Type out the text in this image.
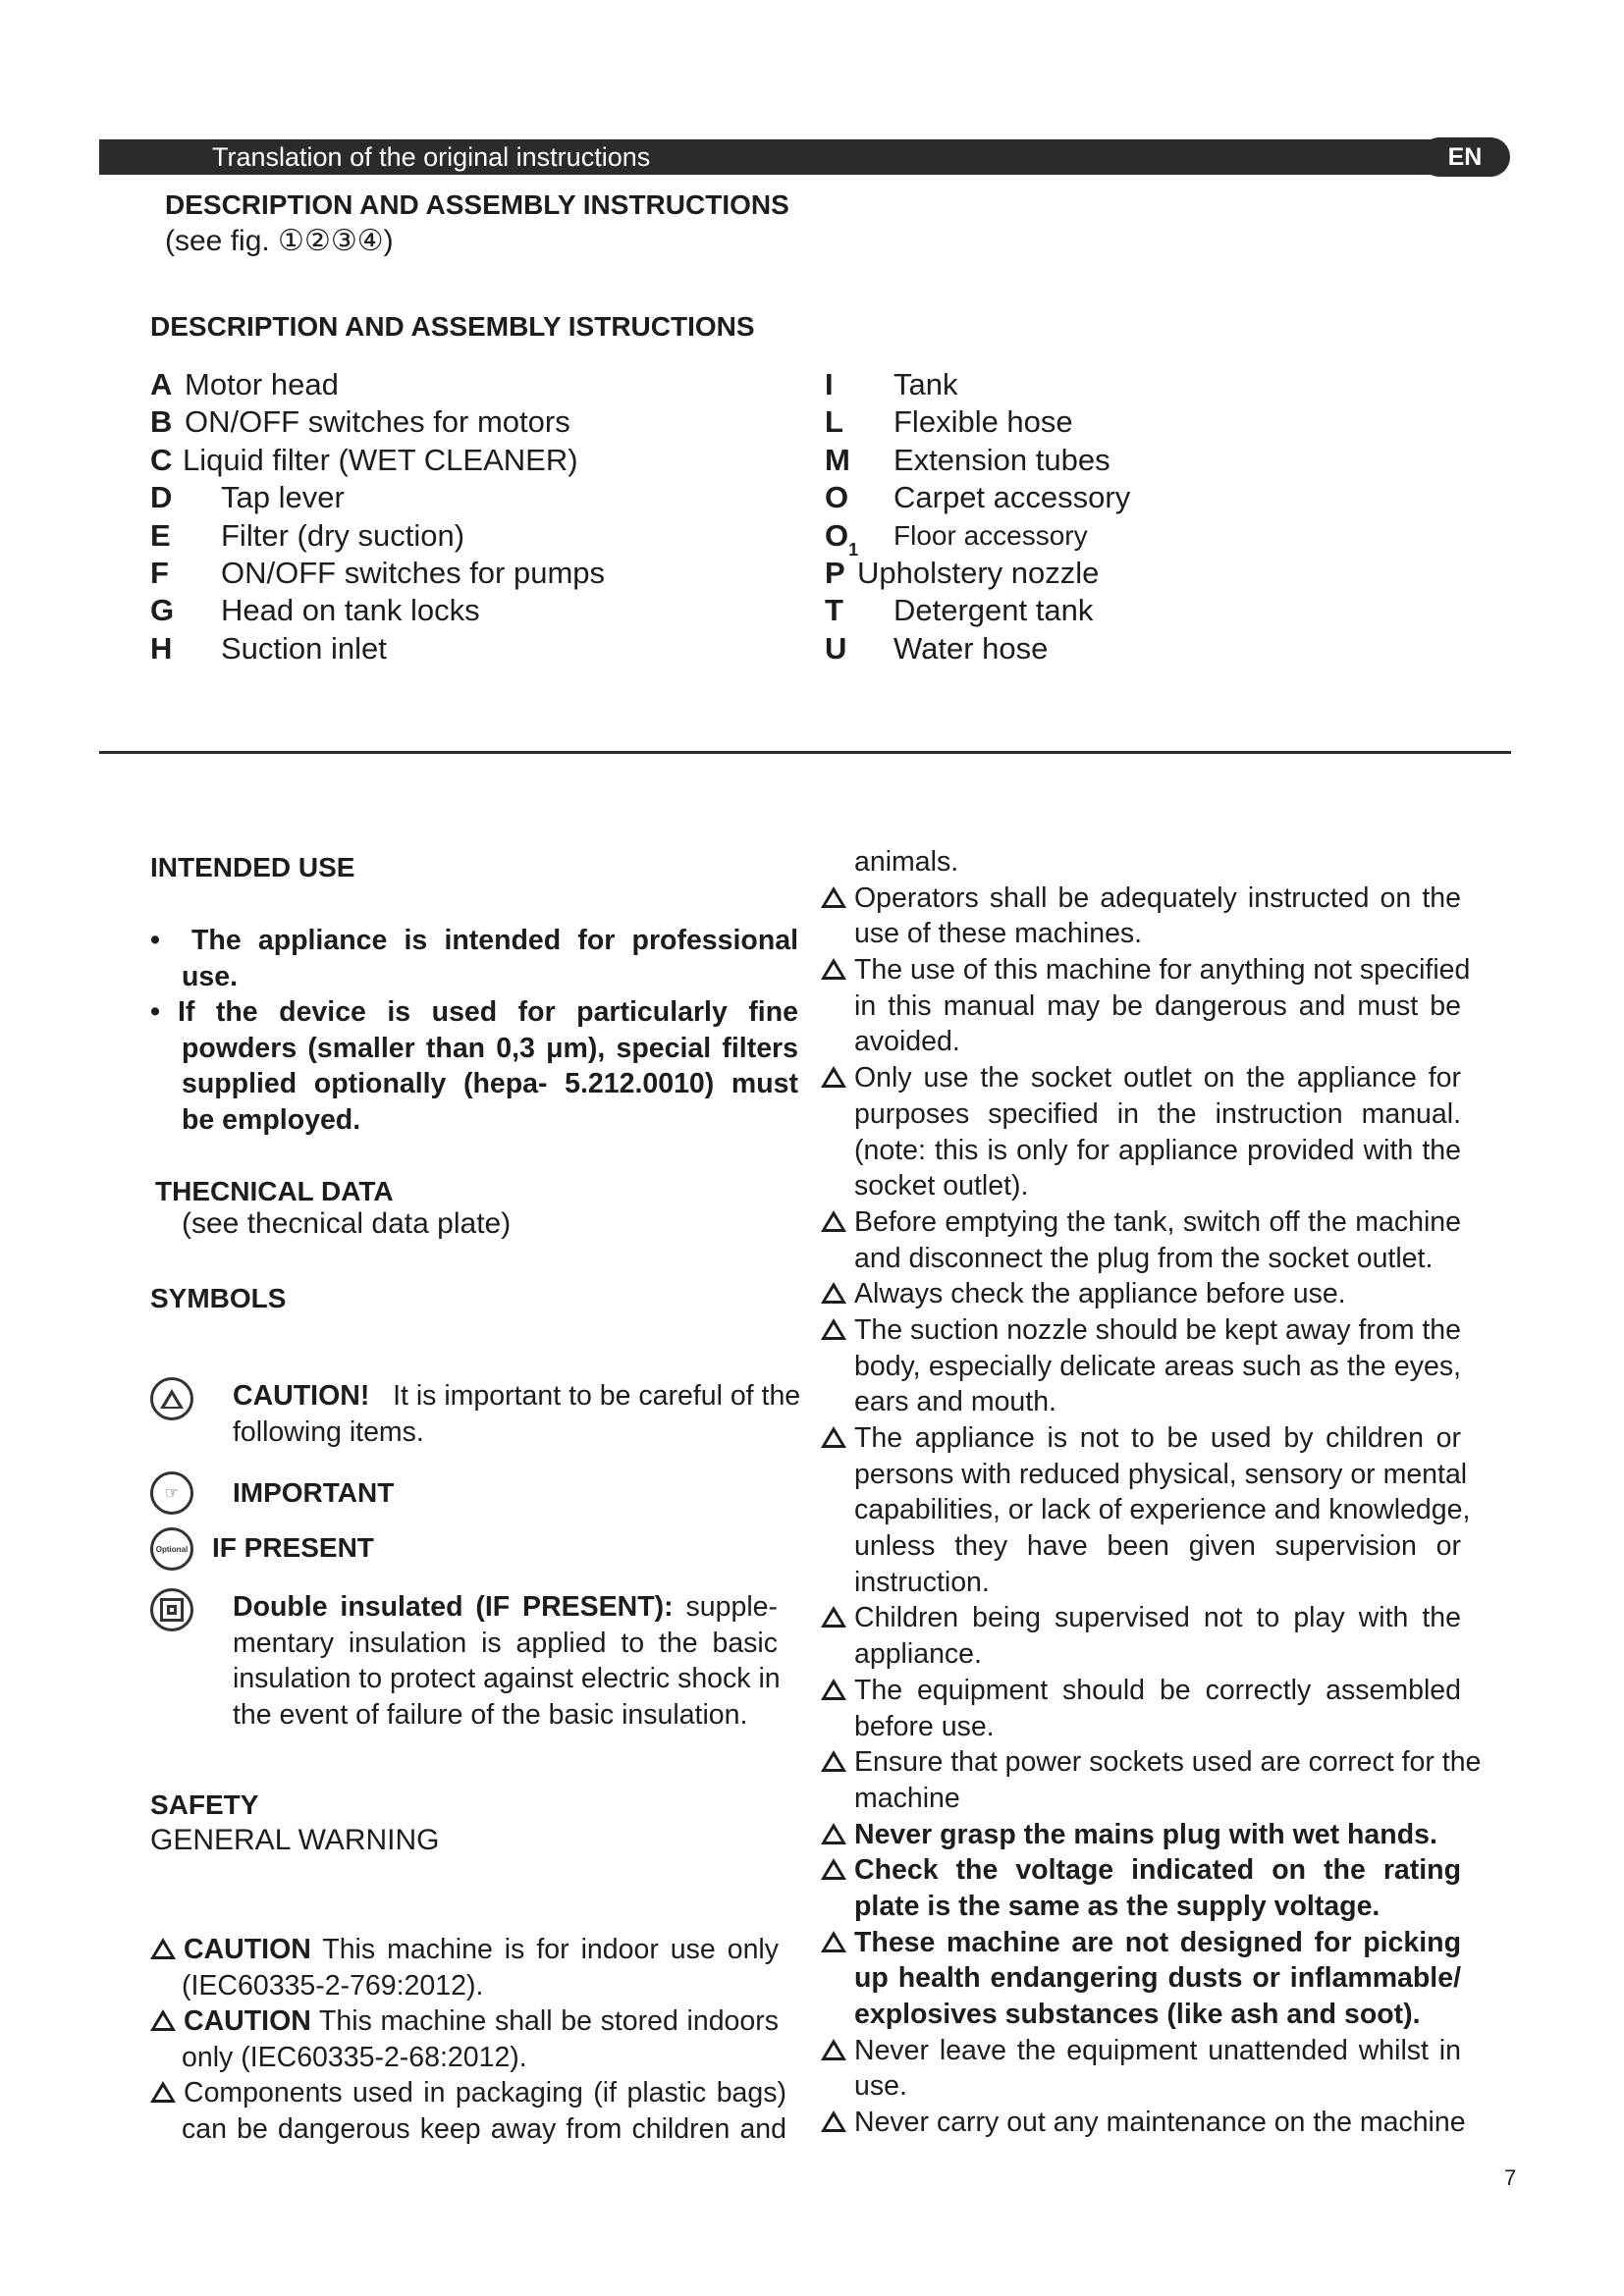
Translation of the original instructions	EN
DESCRIPTION AND ASSEMBLY INSTRUCTIONS
(see fig. ①②③④)
DESCRIPTION AND ASSEMBLY ISTRUCTIONS
A Motor head
B ON/OFF switches for motors
C Liquid filter (WET CLEANER)
D Tap lever
E Filter (dry suction)
F ON/OFF switches for pumps
G Head on tank locks
H Suction inlet
I Tank
L Flexible hose
M Extension tubes
O Carpet accessory
$O_1$ Floor accessory
P Upholstery nozzle
T Detergent tank
U Water hose
INTENDED USE
• The appliance is intended for professional
use.
• If the device is used for particularly fine
powders (smaller than 0,3 μm), special filters
supplied optionally (hepa- 5.212.0010) must
be employed.
THECNICAL DATA
(see thecnical data plate)
SYMBOLS
CAUTION! It is important to be careful of the
following items.
☞	IMPORTANT
Optional IF PRESENT
Double insulated (IF PRESENT): supple-
mentary insulation is applied to the basic
insulation to protect against electric shock in
the event of failure of the basic insulation.
SAFETY
GENERAL WARNING
CAUTION This machine is for indoor use only
(IEC60335-2-769:2012).
CAUTION This machine shall be stored indoors
only (IEC60335-2-68:2012).
Components used in packaging (if plastic bags)
can be dangerous keep away from children and
animals.
Operators shall be adequately instructed on the
use of these machines.
The use of this machine for anything not specified
in this manual may be dangerous and must be
avoided.
Only use the socket outlet on the appliance for
purposes specified in the instruction manual.
(note: this is only for appliance provided with the
socket outlet).
Before emptying the tank, switch off the machine
and disconnect the plug from the socket outlet.
Always check the appliance before use.
The suction nozzle should be kept away from the
body, especially delicate areas such as the eyes,
ears and mouth.
The appliance is not to be used by children or
persons with reduced physical, sensory or mental
capabilities, or lack of experience and knowledge,
unless they have been given supervision or
instruction.
Children being supervised not to play with the
appliance.
The equipment should be correctly assembled
before use.
Ensure that power sockets used are correct for the
machine
Never grasp the mains plug with wet hands.
Check the voltage indicated on the rating
plate is the same as the supply voltage.
These machine are not designed for picking
up health endangering dusts or inflammable/
explosives substances (like ash and soot).
Never leave the equipment unattended whilst in
use.
Never carry out any maintenance on the machine
7
